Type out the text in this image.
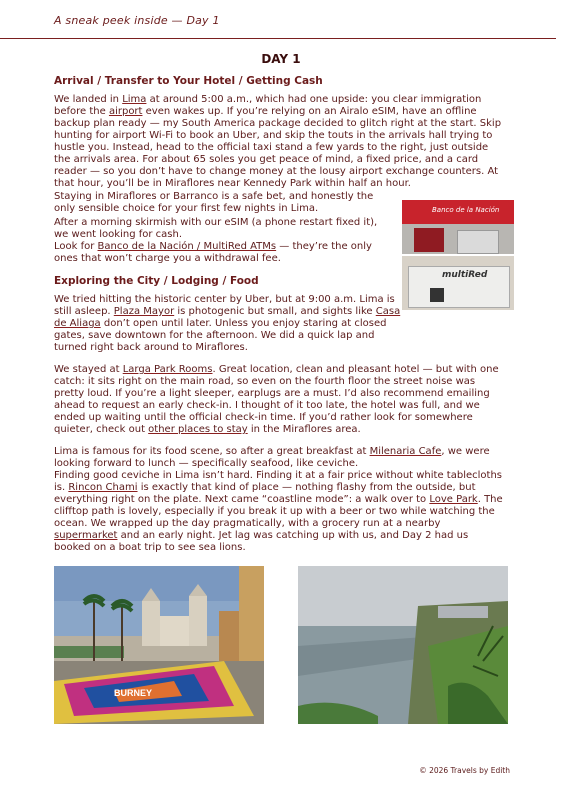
A sneak peek inside — Day 1
DAY 1
Arrival / Transfer to Your Hotel / Getting Cash
We landed in Lima at around 5:00 a.m., which had one upside: you clear immigration before the airport even wakes up. If you’re relying on an Airalo eSIM, have an offline backup plan ready — my South America package decided to glitch right at the start. Skip hunting for airport Wi-Fi to book an Uber, and skip the touts in the arrivals hall trying to hustle you. Instead, head to the official taxi stand a few yards to the right, just outside the arrivals area. For about 65 soles you get peace of mind, a fixed price, and a card reader — so you don’t have to change money at the lousy airport exchange counters. At that hour, you’ll be in Miraflores near Kennedy Park within half an hour.
Staying in Miraflores or Barranco is a safe bet, and honestly the only sensible choice for your first few nights in Lima.
After a morning skirmish with our eSIM (a phone restart fixed it), we went looking for cash.
Look for Banco de la Nación / MultiRed ATMs — they’re the only ones that won’t charge you a withdrawal fee.
Banco de la Nación
multiRed
Exploring the City / Lodging / Food
We tried hitting the historic center by Uber, but at 9:00 a.m. Lima is still asleep. Plaza Mayor is photogenic but small, and sights like Casa de Aliaga don’t open until later. Unless you enjoy staring at closed gates, save downtown for the afternoon. We did a quick lap and turned right back around to Miraflores.
We stayed at Larga Park Rooms. Great location, clean and pleasant hotel — but with one catch: it sits right on the main road, so even on the fourth floor the street noise was pretty loud. If you’re a light sleeper, earplugs are a must. I’d also recommend emailing ahead to request an early check-in. I thought of it too late, the hotel was full, and we ended up waiting until the official check-in time. If you’d rather look for somewhere quieter, check out other places to stay in the Miraflores area.
Lima is famous for its food scene, so after a great breakfast at Milenaria Cafe, we were looking forward to lunch — specifically seafood, like ceviche.
Finding good ceviche in Lima isn’t hard. Finding it at a fair price without white tablecloths is. Rincon Chami is exactly that kind of place — nothing flashy from the outside, but everything right on the plate. Next came “coastline mode”: a walk over to Love Park. The clifftop path is lovely, especially if you break it up with a beer or two while watching the ocean. We wrapped up the day pragmatically, with a grocery run at a nearby supermarket and an early night. Jet lag was catching up with us, and Day 2 had us booked on a boat trip to see sea lions.
BURNEY
© 2026 Travels by Edith
